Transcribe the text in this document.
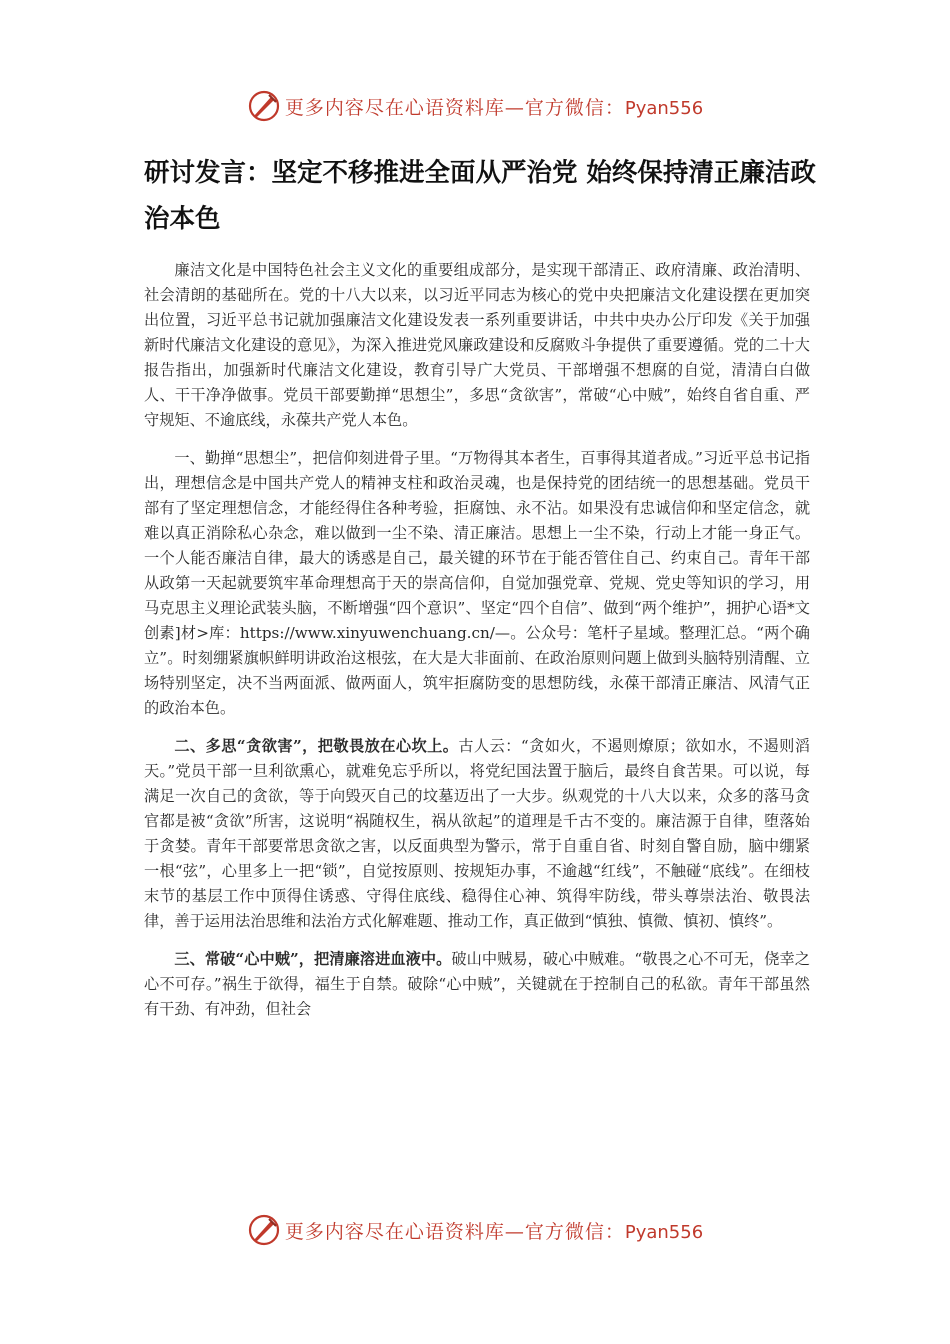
更多内容尽在心语资料库—官方微信：Pyan556
研讨发言：坚定不移推进全面从严治党 始终保持清正廉洁政治本色

廉洁文化是中国特色社会主义文化的重要组成部分，是实现干部清正、政府清廉、政治清明、社会清朗的基础所在。党的十八大以来，以习近平同志为核心的党中央把廉洁文化建设摆在更加突出位置，习近平总书记就加强廉洁文化建设发表一系列重要讲话，中共中央办公厅印发《关于加强新时代廉洁文化建设的意见》，为深入推进党风廉政建设和反腐败斗争提供了重要遵循。党的二十大报告指出，加强新时代廉洁文化建设，教育引导广大党员、干部增强不想腐的自觉，清清白白做人、干干净净做事。党员干部要勤掸“思想尘”，多思“贪欲害”，常破“心中贼”，始终自省自重、严守规矩、不逾底线，永葆共产党人本色。

一、勤掸“思想尘”，把信仰刻进骨子里。“万物得其本者生，百事得其道者成。”习近平总书记指出，理想信念是中国共产党人的精神支柱和政治灵魂，也是保持党的团结统一的思想基础。党员干部有了坚定理想信念，才能经得住各种考验，拒腐蚀、永不沾。如果没有忠诚信仰和坚定信念，就难以真正消除私心杂念，难以做到一尘不染、清正廉洁。思想上一尘不染，行动上才能一身正气。一个人能否廉洁自律，最大的诱惑是自己，最关键的环节在于能否管住自己、约束自己。青年干部从政第一天起就要筑牢革命理想高于天的崇高信仰，自觉加强党章、党规、党史等知识的学习，用马克思主义理论武装头脑，不断增强“四个意识”、坚定“四个自信”、做到“两个维护”，拥护心语*文创素]材>库：https://www.xinyuwenchuang.cn/—。公众号：笔杆子星域。整理汇总。“两个确立”。时刻绷紧旗帜鲜明讲政治这根弦，在大是大非面前、在政治原则问题上做到头脑特别清醒、立场特别坚定，决不当两面派、做两面人，筑牢拒腐防变的思想防线，永葆干部清正廉洁、风清气正的政治本色。

二、多思“贪欲害”，把敬畏放在心坎上。古人云：“贪如火，不遏则燎原；欲如水，不遏则滔天。”党员干部一旦利欲熏心，就难免忘乎所以，将党纪国法置于脑后，最终自食苦果。可以说，每满足一次自己的贪欲，等于向毁灭自己的坟墓迈出了一大步。纵观党的十八大以来，众多的落马贪官都是被“贪欲”所害，这说明“祸随权生，祸从欲起”的道理是千古不变的。廉洁源于自律，堕落始于贪婪。青年干部要常思贪欲之害，以反面典型为警示，常于自重自省、时刻自警自励，脑中绷紧一根“弦”，心里多上一把“锁”，自觉按原则、按规矩办事，不逾越“红线”，不触碰“底线”。在细枝末节的基层工作中顶得住诱惑、守得住底线、稳得住心神、筑得牢防线，带头尊崇法治、敬畏法律，善于运用法治思维和法治方式化解难题、推动工作，真正做到“慎独、慎微、慎初、慎终”。

三、常破“心中贼”，把清廉溶进血液中。破山中贼易，破心中贼难。“敬畏之心不可无，侥幸之心不可存。”祸生于欲得，福生于自禁。破除“心中贼”，关键就在于控制自己的私欲。青年干部虽然有干劲、有冲劲，但社会

更多内容尽在心语资料库—官方微信：Pyan556
